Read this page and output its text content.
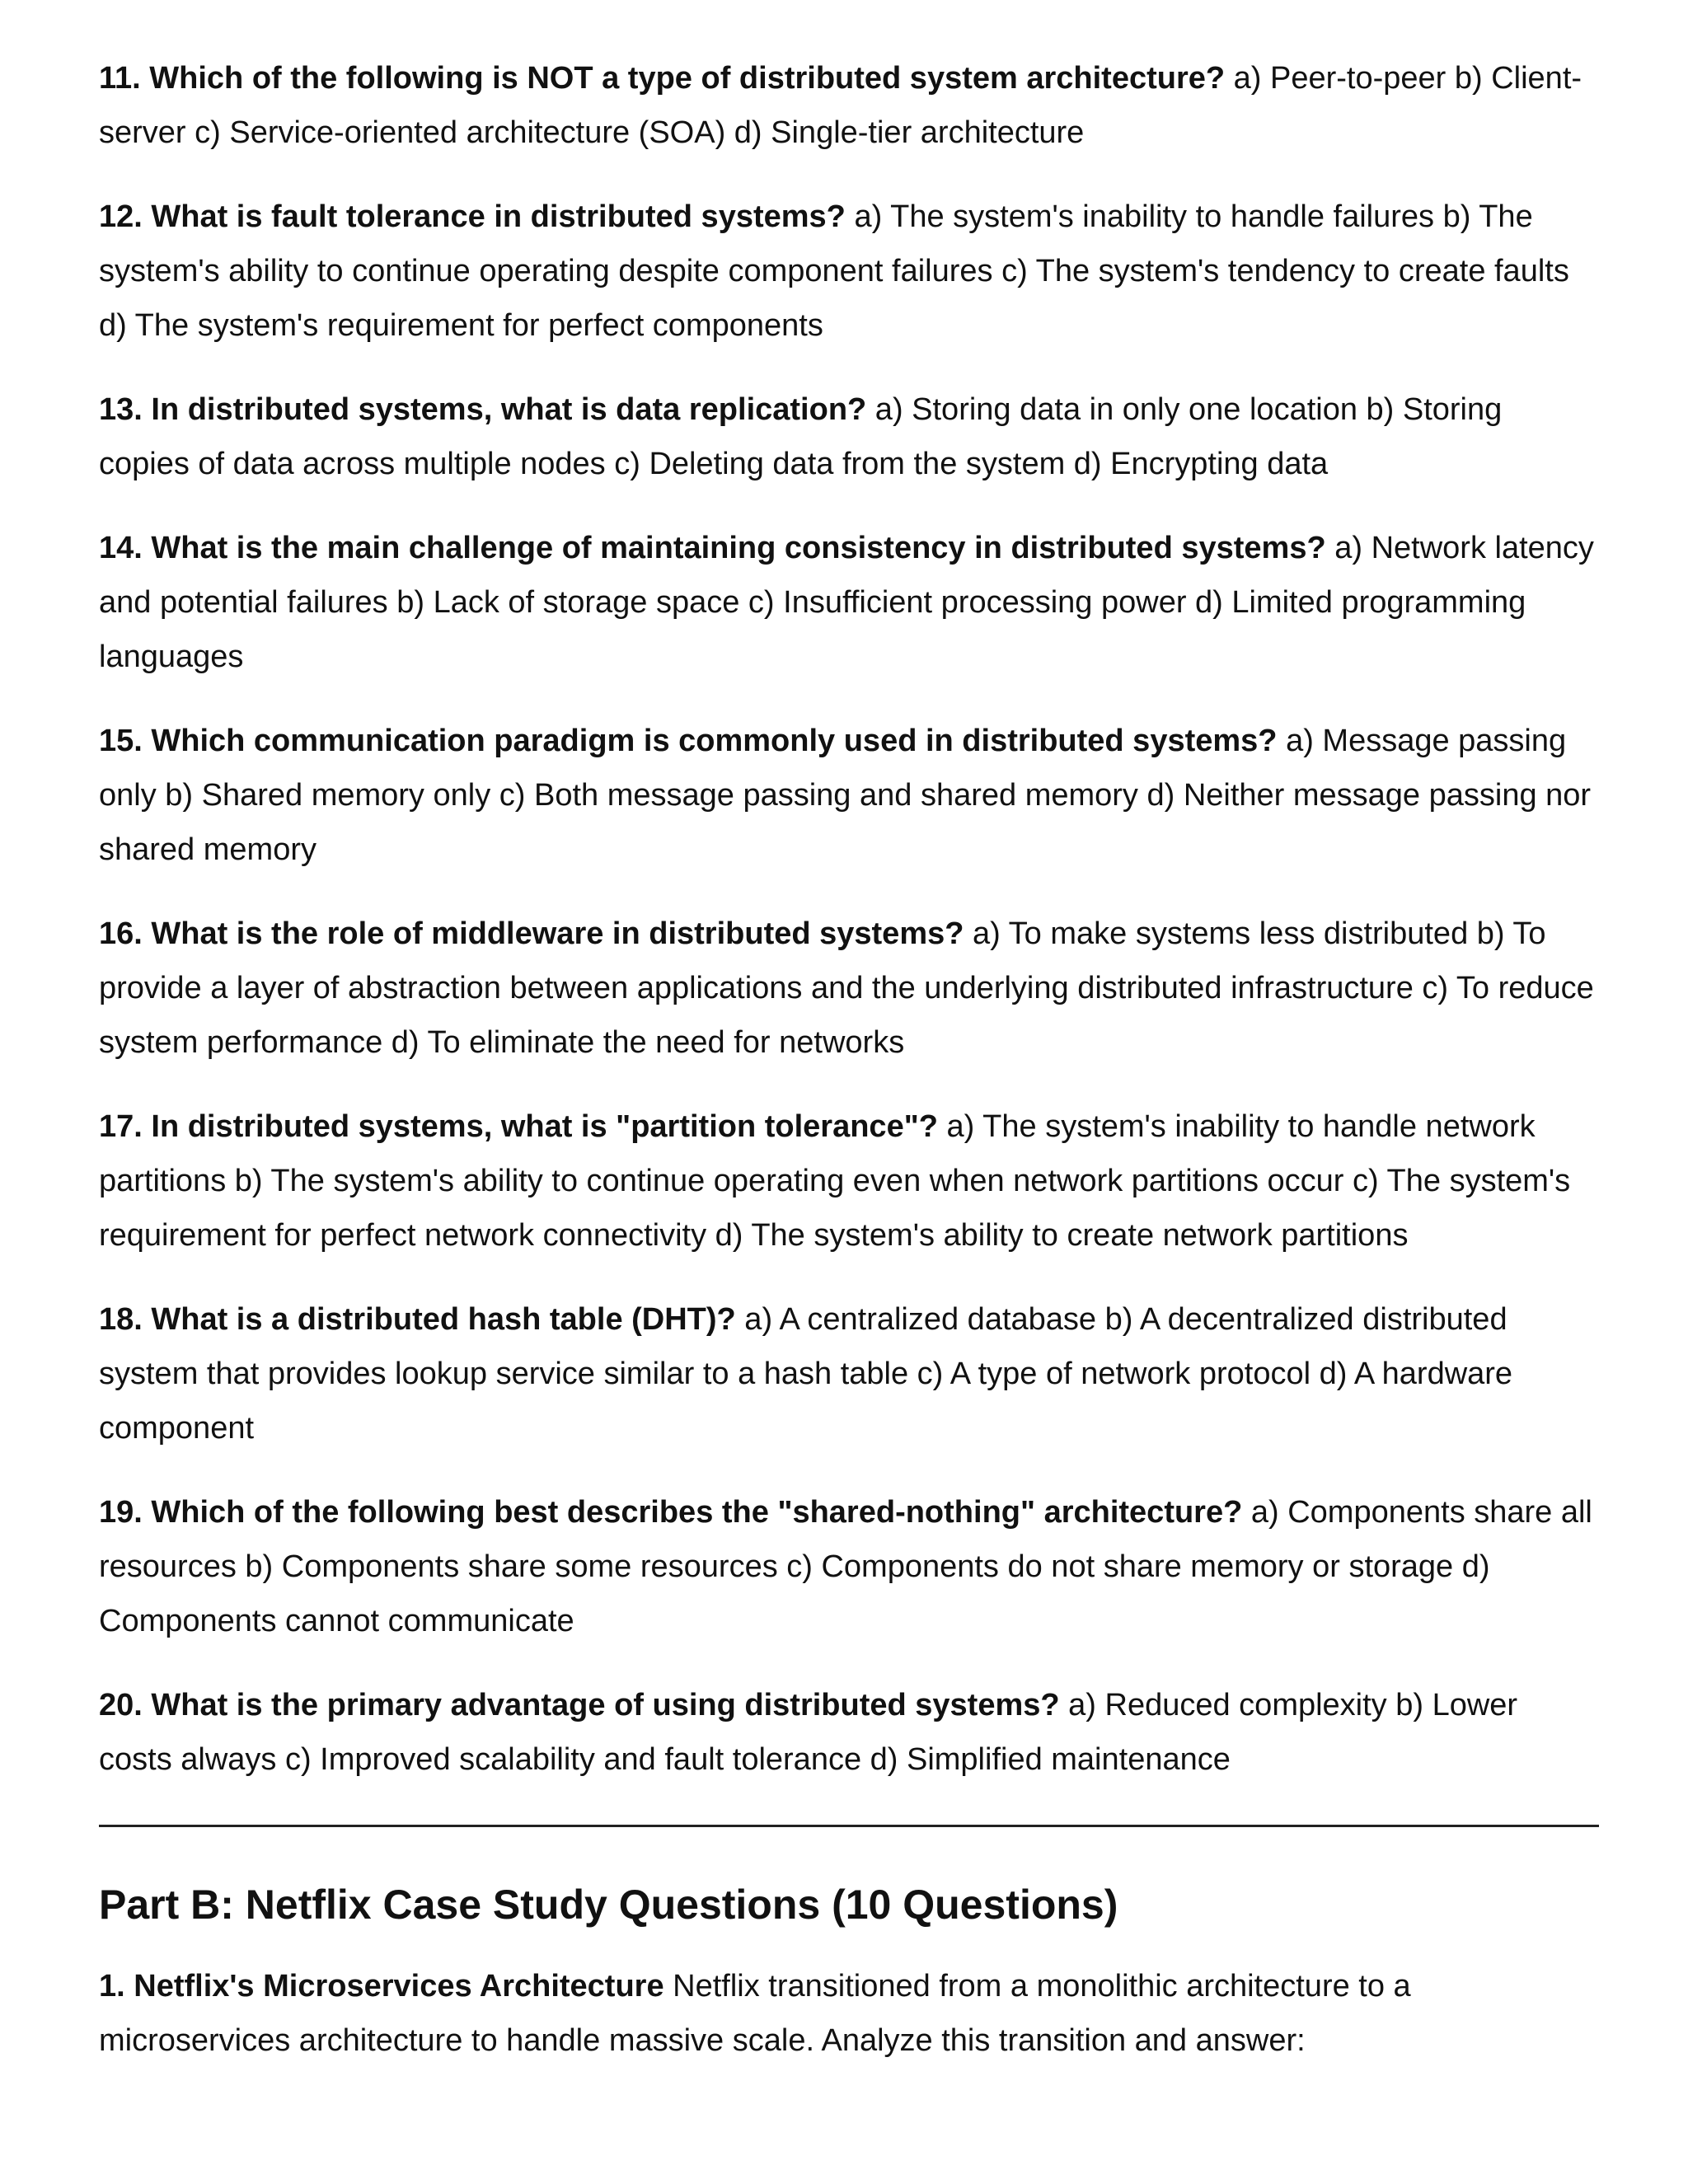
11. Which of the following is NOT a type of distributed system architecture? a) Peer-to-peer b) Client-server c) Service-oriented architecture (SOA) d) Single-tier architecture
12. What is fault tolerance in distributed systems? a) The system's inability to handle failures b) The system's ability to continue operating despite component failures c) The system's tendency to create faults d) The system's requirement for perfect components
13. In distributed systems, what is data replication? a) Storing data in only one location b) Storing copies of data across multiple nodes c) Deleting data from the system d) Encrypting data
14. What is the main challenge of maintaining consistency in distributed systems? a) Network latency and potential failures b) Lack of storage space c) Insufficient processing power d) Limited programming languages
15. Which communication paradigm is commonly used in distributed systems? a) Message passing only b) Shared memory only c) Both message passing and shared memory d) Neither message passing nor shared memory
16. What is the role of middleware in distributed systems? a) To make systems less distributed b) To provide a layer of abstraction between applications and the underlying distributed infrastructure c) To reduce system performance d) To eliminate the need for networks
17. In distributed systems, what is "partition tolerance"? a) The system's inability to handle network partitions b) The system's ability to continue operating even when network partitions occur c) The system's requirement for perfect network connectivity d) The system's ability to create network partitions
18. What is a distributed hash table (DHT)? a) A centralized database b) A decentralized distributed system that provides lookup service similar to a hash table c) A type of network protocol d) A hardware component
19. Which of the following best describes the "shared-nothing" architecture? a) Components share all resources b) Components share some resources c) Components do not share memory or storage d) Components cannot communicate
20. What is the primary advantage of using distributed systems? a) Reduced complexity b) Lower costs always c) Improved scalability and fault tolerance d) Simplified maintenance
Part B: Netflix Case Study Questions (10 Questions)
1. Netflix's Microservices Architecture Netflix transitioned from a monolithic architecture to a microservices architecture to handle massive scale. Analyze this transition and answer:
